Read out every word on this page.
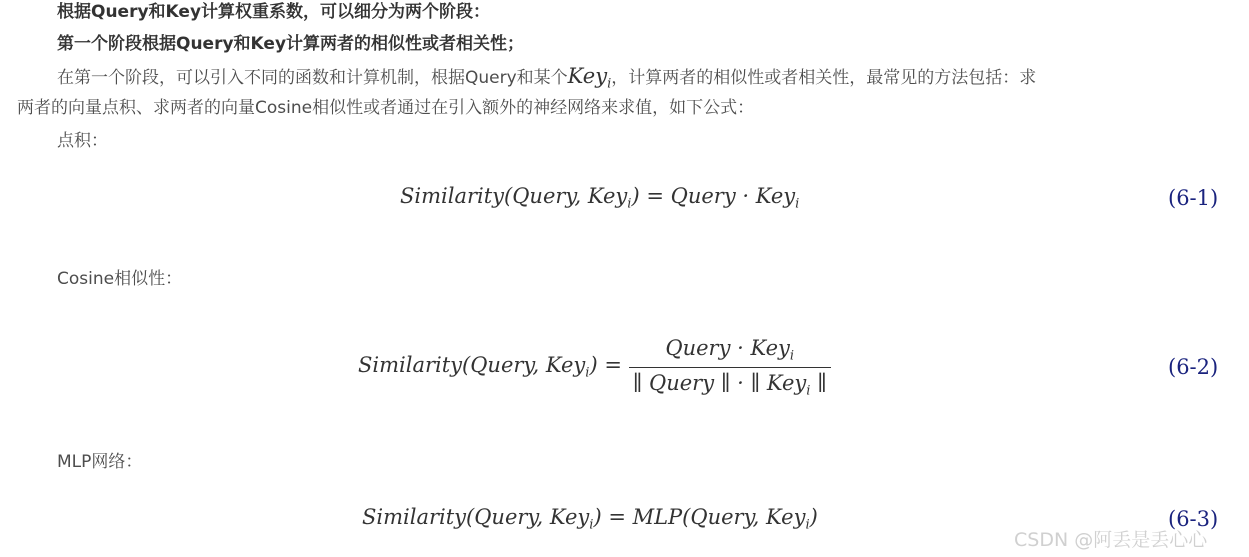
根据Query和Key计算权重系数，可以细分为两个阶段：
第一个阶段根据Query和Key计算两者的相似性或者相关性；
在第一个阶段，可以引入不同的函数和计算机制，根据Query和某个Key$_i$，计算两者的相似性或者相关性，最常见的方法包括：求
两者的向量点积、求两者的向量Cosine相似性或者通过在引入额外的神经网络来求值，如下公式：
点积：
Similarity(Query, Key$_i$) = Query · Key$_i$	(6-1)
Cosine相似性：
Similarity(Query, $Key_i) = \frac{Query \cdot Key_i}{\parallel Query \parallel \cdot \parallel Key_i \parallel}$	(6-2)
MLP网络：
Similarity(Query, Key$_i$) = MLP(Query, Key$_i$)	(6-3)
CSDN @阿丢是丢心心
